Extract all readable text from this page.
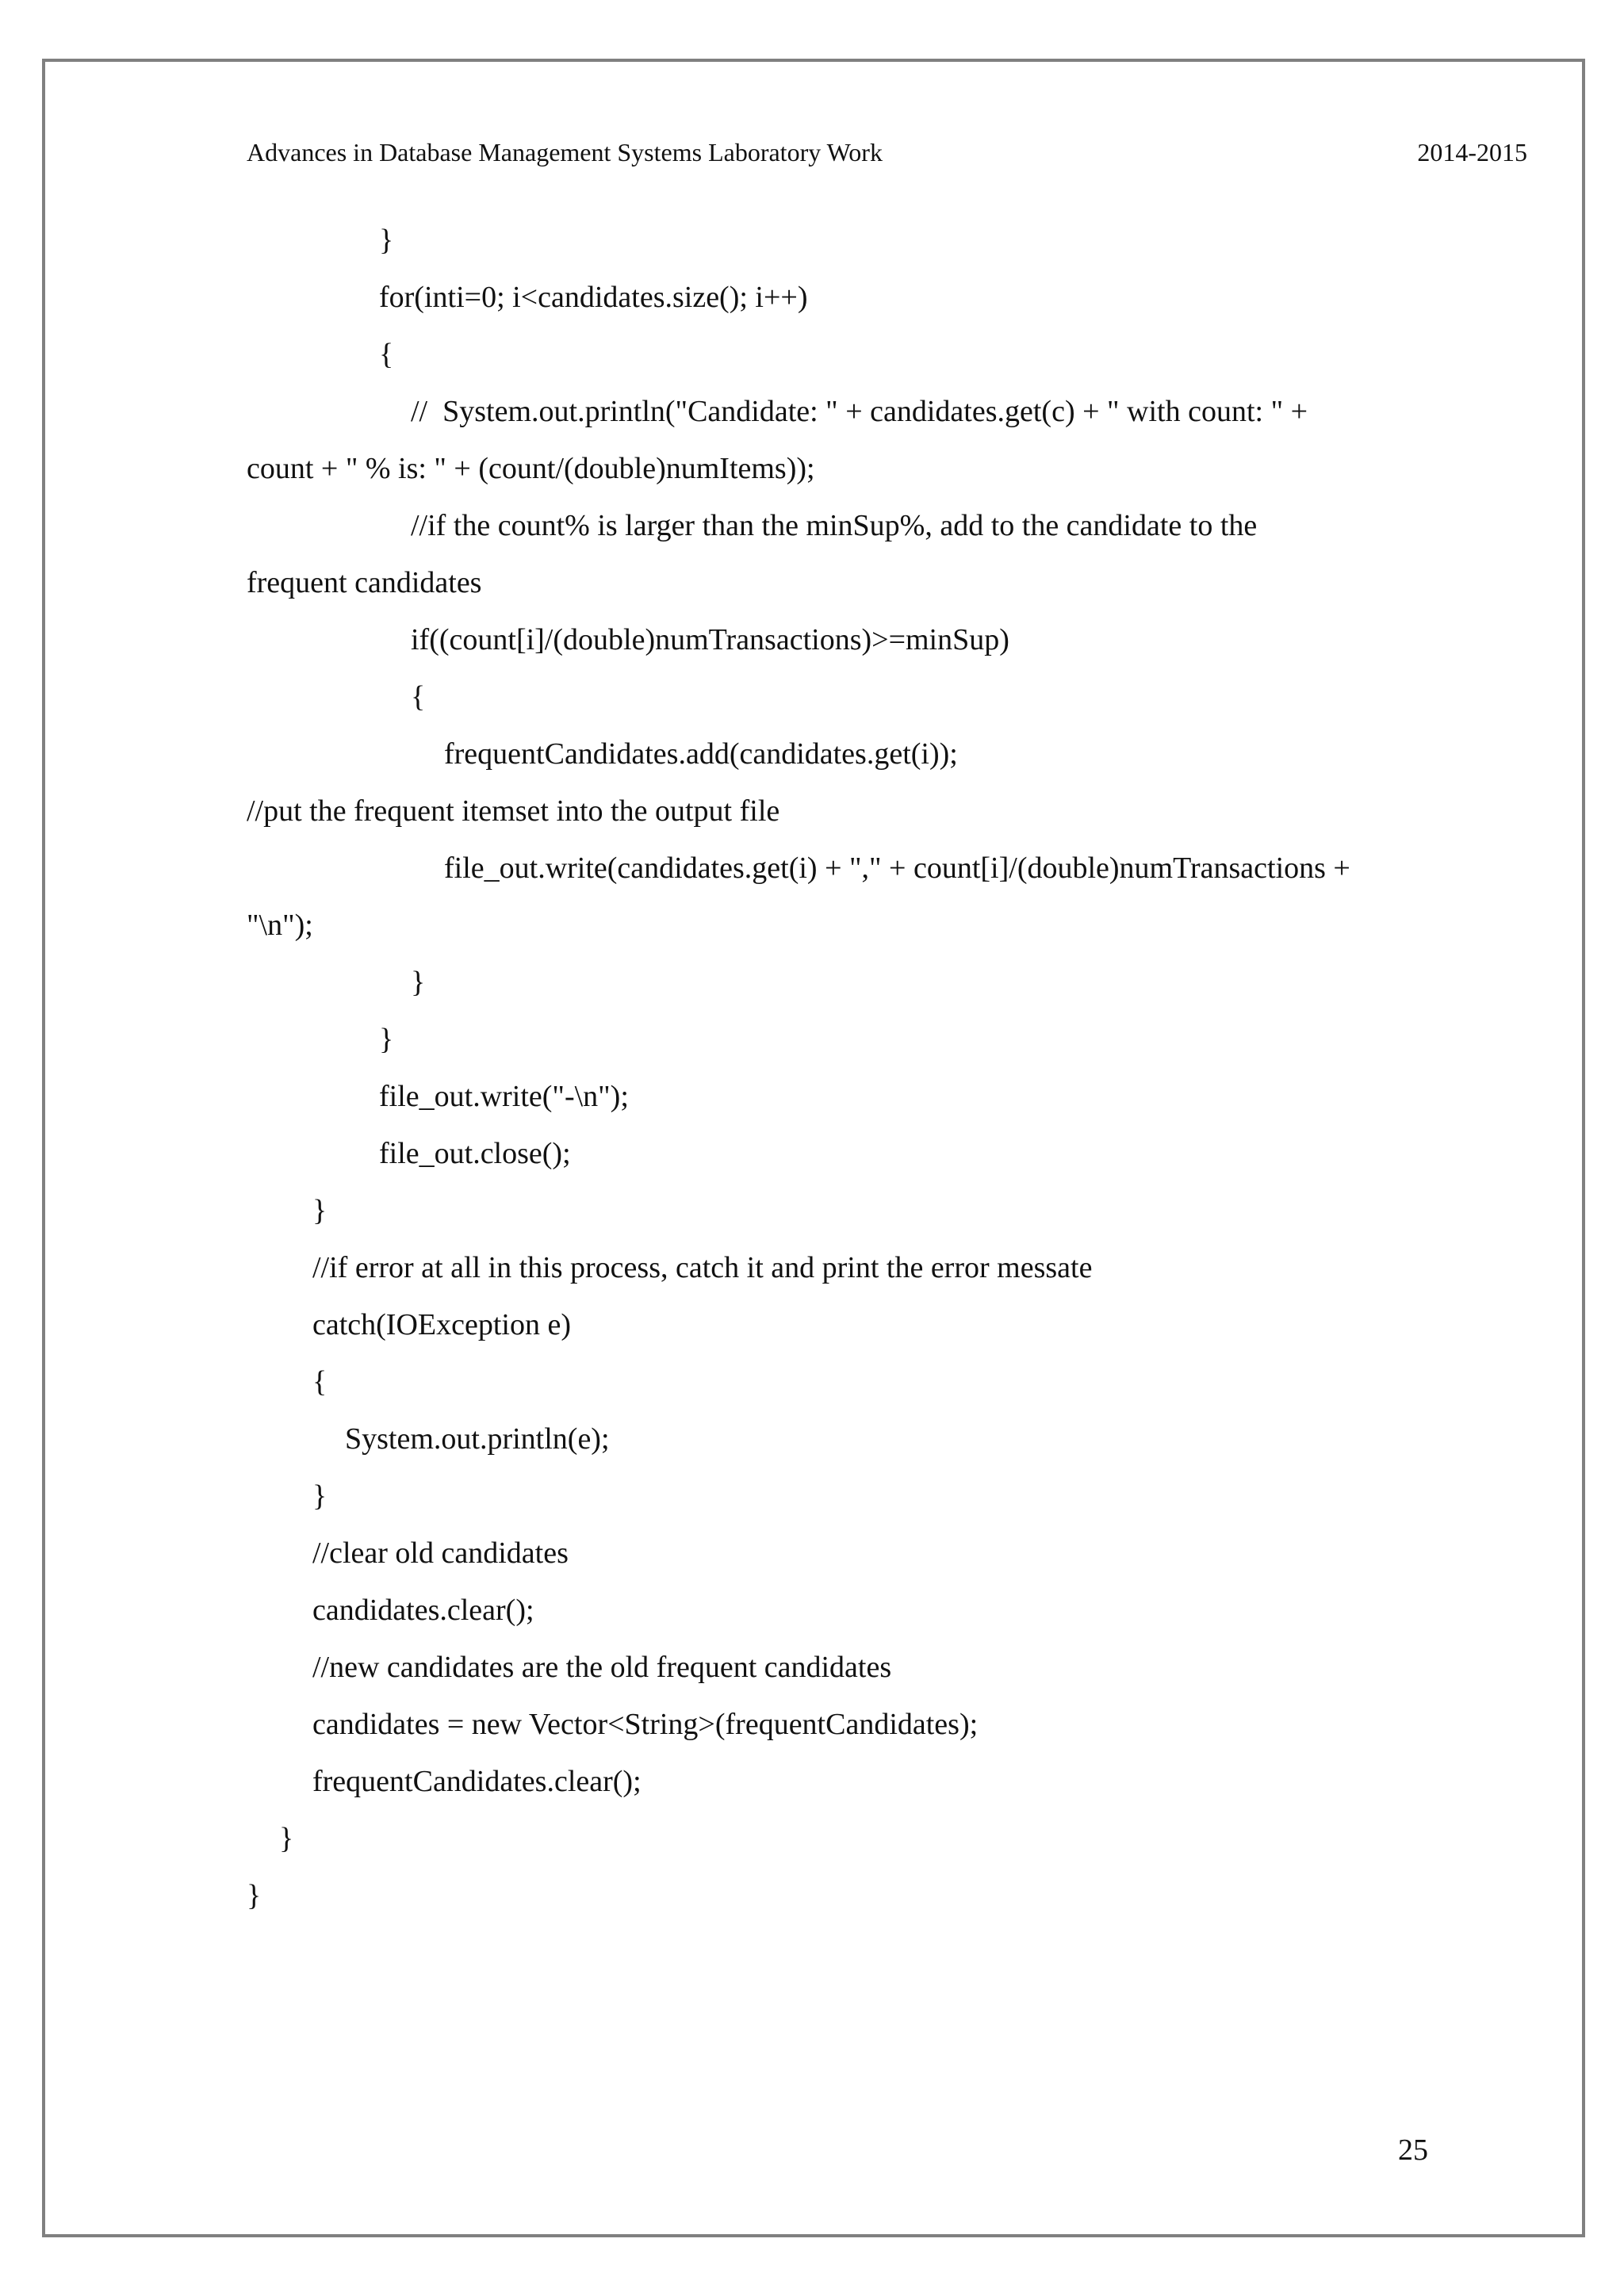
Advances in Database Management Systems Laboratory Work	2014-2015
}
for(inti=0; i<candidates.size(); i++)
{
//  System.out.println("Candidate: " + candidates.get(c) + " with count: " +
count + " % is: " + (count/(double)numItems));
//if the count% is larger than the minSup%, add to the candidate to the
frequent candidates
if((count[i]/(double)numTransactions)>=minSup)
{
frequentCandidates.add(candidates.get(i));
//put the frequent itemset into the output file
file_out.write(candidates.get(i) + "," + count[i]/(double)numTransactions +
"\n");
}
}
file_out.write("-\n");
file_out.close();
}
//if error at all in this process, catch it and print the error messate
catch(IOException e)
{
System.out.println(e);
}
//clear old candidates
candidates.clear();
//new candidates are the old frequent candidates
candidates = new Vector<String>(frequentCandidates);
frequentCandidates.clear();
}
}
25
